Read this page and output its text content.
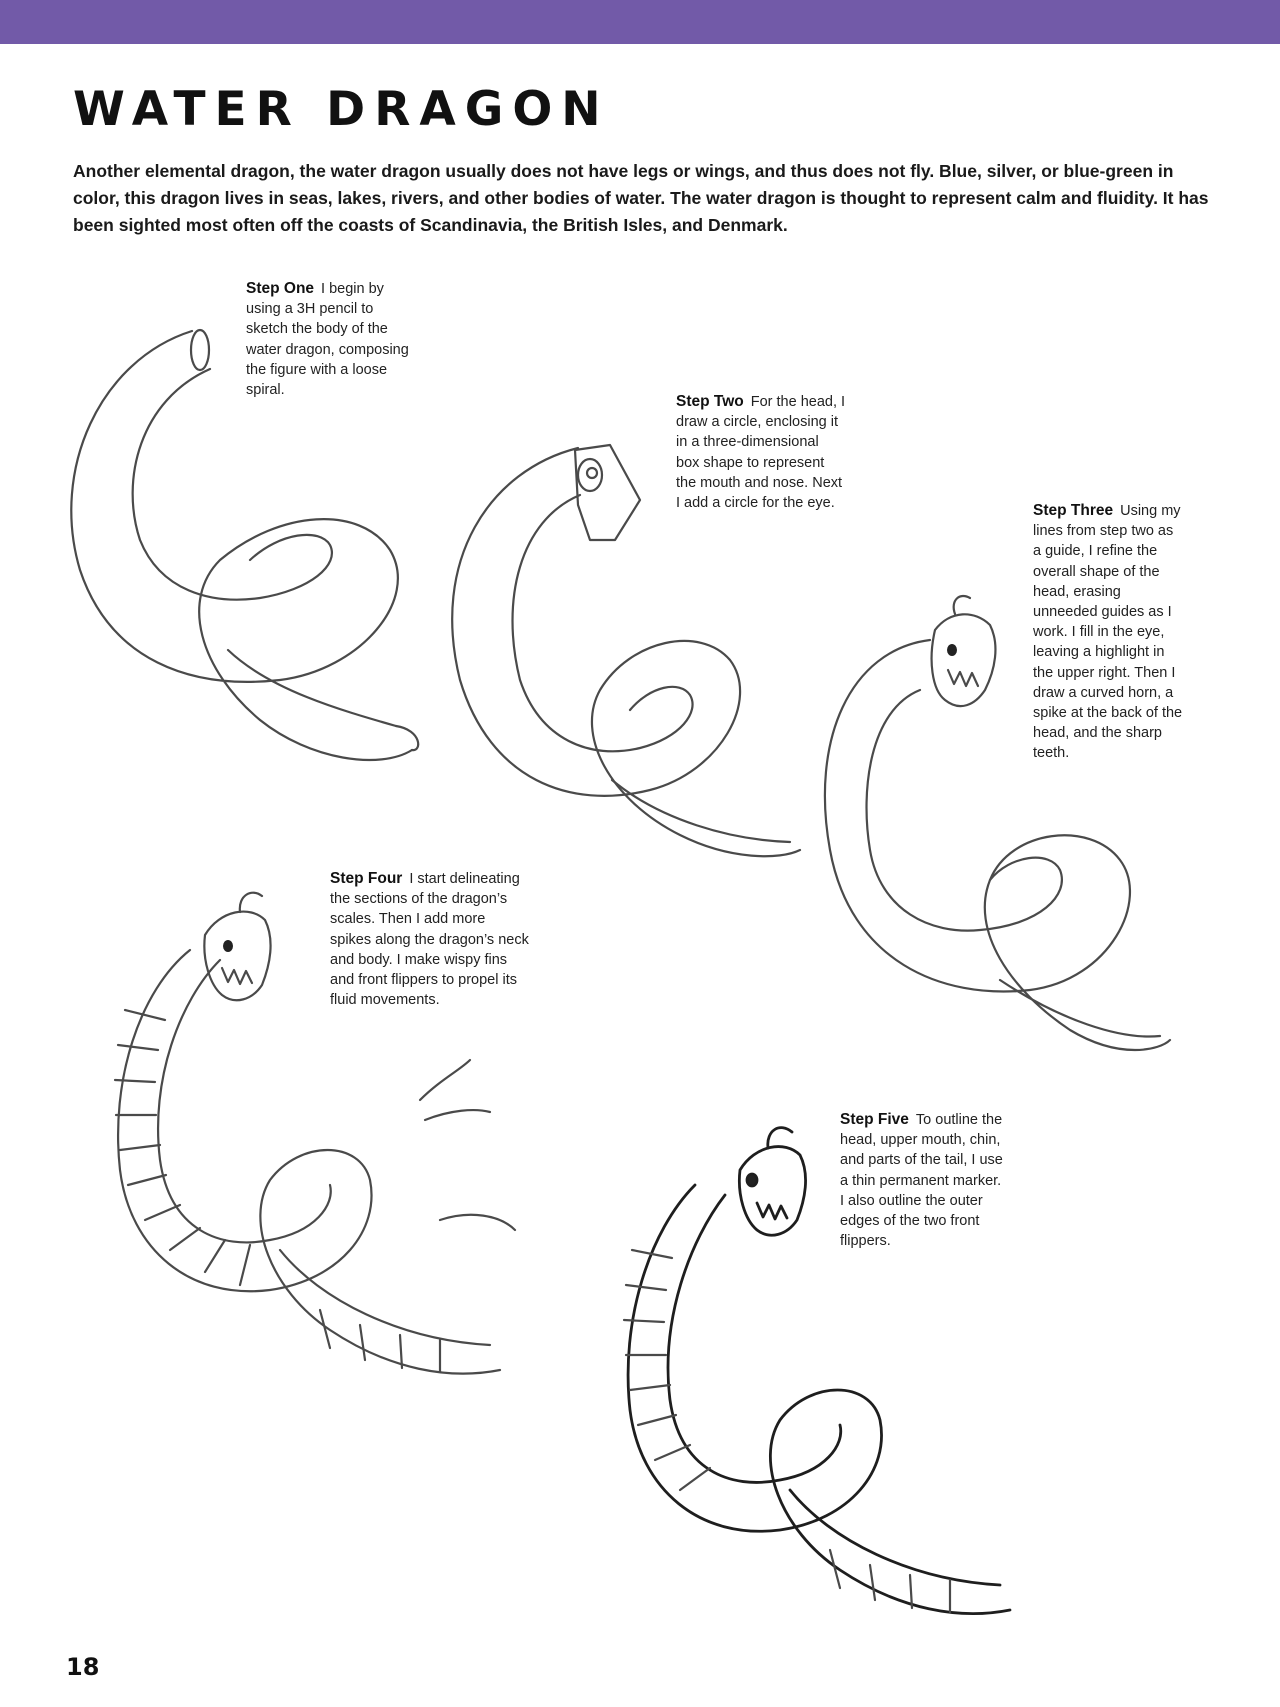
WATER DRAGON

Another elemental dragon, the water dragon usually does not have legs or wings, and thus does not fly. Blue, silver, or blue-green in color, this dragon lives in seas, lakes, rivers, and other bodies of water. The water dragon is thought to represent calm and fluidity. It has been sighted most often off the coasts of Scandinavia, the British Isles, and Denmark.

Step One I begin by using a 3H pencil to sketch the body of the water dragon, composing the figure with a loose spiral.

Step Two For the head, I draw a circle, enclosing it in a three-dimensional box shape to represent the mouth and nose. Next I add a circle for the eye.	Step Three Using my lines from step two as a guide, I refine the overall shape of the head, erasing unneeded guides as I work. I fill in the eye, leaving a highlight in the upper right. Then I draw a curved horn, a spike at the back of the head, and the sharp teeth.

Step Four I start delineating the sections of the dragon’s scales. Then I add more spikes along the dragon’s neck and body. I make wispy fins and front flippers to propel its fluid movements.

Step Five To outline the head, upper mouth, chin, and parts of the tail, I use a thin permanent marker. I also outline the outer edges of the two front flippers.

18
